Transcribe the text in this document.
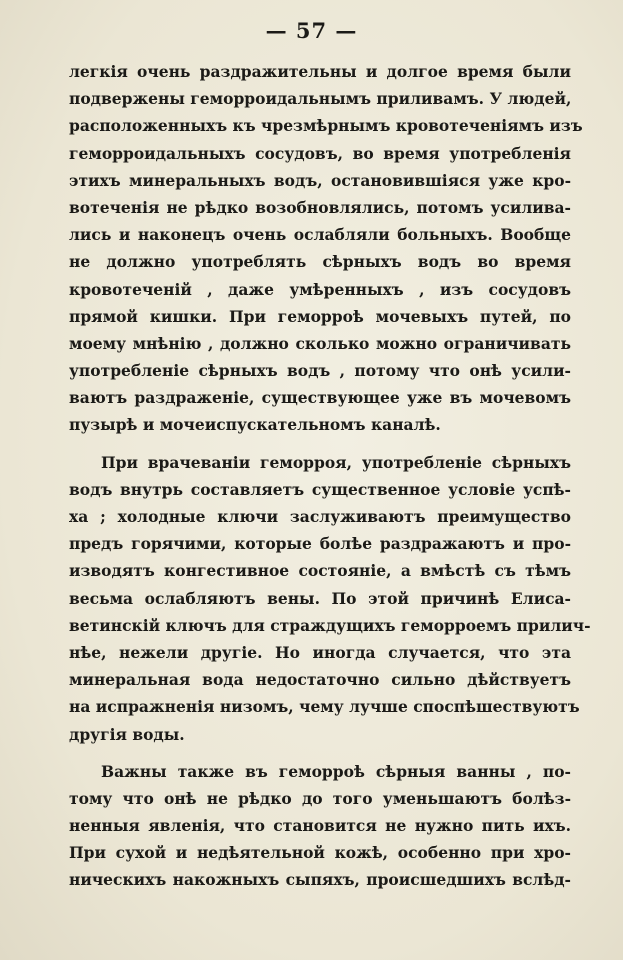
— 57 —
легкія очень раздражительны и долгое время были
подвержены геморроидальнымъ приливамъ. У людей,
расположенныхъ къ чрезмѣрнымъ кровотеченіямъ изъ
геморроидальныхъ сосудовъ, во время употребленія
этихъ минеральныхъ водъ, остановившіяся уже кро-
вотеченія не рѣдко возобновлялись, потомъ усилива-
лись и наконецъ очень ослабляли больныхъ. Вообще
не должно употреблять сѣрныхъ водъ во время
кровотеченій , даже умѣренныхъ , изъ сосудовъ
прямой кишки. При геморроѣ мочевыхъ путей, по
моему мнѣнію , должно сколько можно ограничивать
употребленіе сѣрныхъ водъ , потому что онѣ усили-
ваютъ раздраженіе, существующее уже въ мочевомъ
пузырѣ и мочеиспускательномъ каналѣ.
При врачеваніи геморроя, употребленіе сѣрныхъ
водъ внутрь составляетъ существенное условіе успѣ-
ха ; холодные ключи заслуживаютъ преимущество
предъ горячими, которые болѣе раздражаютъ и про-
изводятъ конгестивное состояніе, а вмѣстѣ съ тѣмъ
весьма ослабляютъ вены. По этой причинѣ Елиса-
ветинскій ключъ для страждущихъ геморроемъ прилич-
нѣе, нежели другіе. Но иногда случается, что эта
минеральная вода недостаточно сильно дѣйствуетъ
на испражненія низомъ, чему лучше споспѣшествуютъ
другія воды.
Важны также въ геморроѣ сѣрныя ванны , по-
тому что онѣ не рѣдко до того уменьшаютъ болѣз-
ненныя явленія, что становится не нужно пить ихъ.
При сухой и недѣятельной кожѣ, особенно при хро-
ническихъ накожныхъ сыпяхъ, происшедшихъ вслѣд-
